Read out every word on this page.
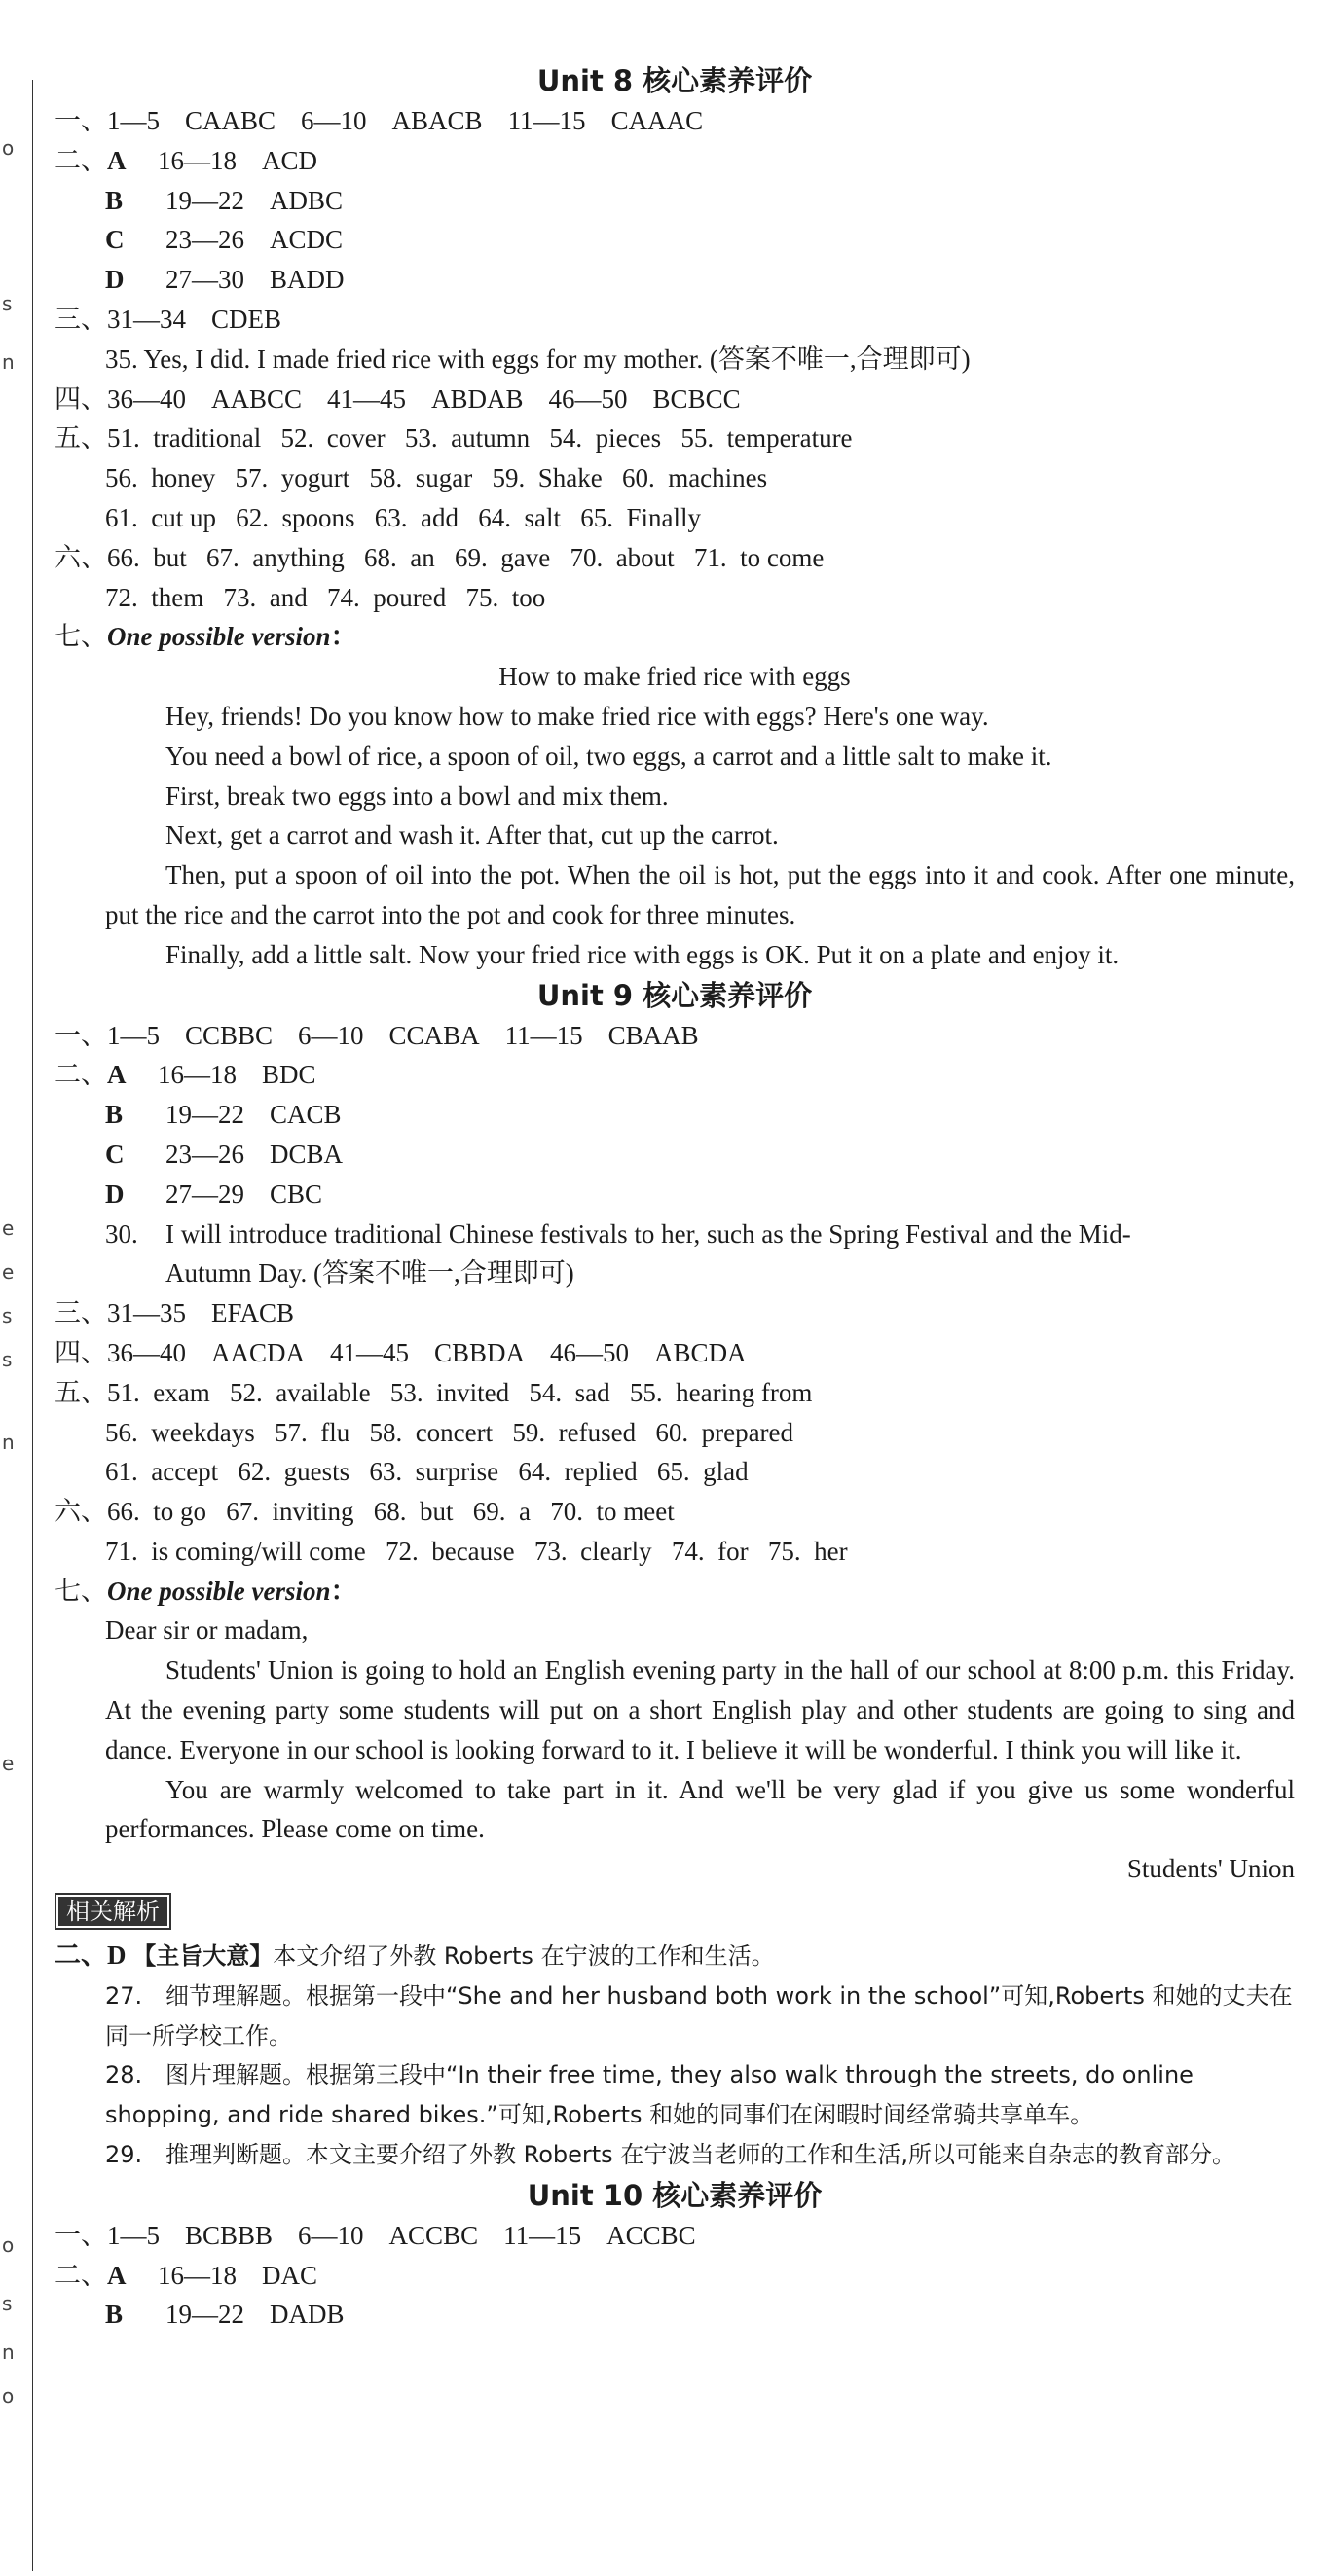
o
s
n
e
e
s
s
n
e
o
s
n
o
Unit 8 核心素养评价
一、1—5 CAABC 6—10 ABACB 11—15 CAAAC
二、A 16—18 ACD
B 19—22 ADBC
C 23—26 ACDC
D 27—30 BADD
三、31—34 CDEB
35. Yes, I did. I made fried rice with eggs for my mother. (答案不唯一,合理即可)
四、36—40 AABCC 41—45 ABDAB 46—50 BCBCC
五、51.  traditional   52.  cover   53.  autumn   54.  pieces   55.  temperature
56.  honey   57.  yogurt   58.  sugar   59.  Shake   60.  machines
61.  cut up   62.  spoons   63.  add   64.  salt   65.  Finally
六、66.  but   67.  anything   68.  an   69.  gave   70.  about   71.  to come
72.  them   73.  and   74.  poured   75.  too
七、One possible version：
How to make fried rice with eggs
Hey, friends! Do you know how to make fried rice with eggs? Here's one way.
You need a bowl of rice, a spoon of oil, two eggs, a carrot and a little salt to make it.
First, break two eggs into a bowl and mix them.
Next, get a carrot and wash it. After that, cut up the carrot.
Then, put a spoon of oil into the pot. When the oil is hot, put the eggs into it and cook. After one minute, put the rice and the carrot into the pot and cook for three minutes.
Finally, add a little salt. Now your fried rice with eggs is OK. Put it on a plate and enjoy it.
Unit 9 核心素养评价
一、1—5 CCBBC 6—10 CCABA 11—15 CBAAB
二、A 16—18 BDC
B 19—22 CACB
C 23—26 DCBA
D 27—29 CBC
30. I will introduce traditional Chinese festivals to her, such as the Spring Festival and the Mid-
Autumn Day. (答案不唯一,合理即可)
三、31—35 EFACB
四、36—40 AACDA 41—45 CBBDA 46—50 ABCDA
五、51.  exam   52.  available   53.  invited   54.  sad   55.  hearing from
56.  weekdays   57.  flu   58.  concert   59.  refused   60.  prepared
61.  accept   62.  guests   63.  surprise   64.  replied   65.  glad
六、66.  to go   67.  inviting   68.  but   69.  a   70.  to meet
71.  is coming/will come   72.  because   73.  clearly   74.  for   75.  her
七、One possible version：
Dear sir or madam,
Students' Union is going to hold an English evening party in the hall of our school at 8:00 p.m. this Friday. At the evening party some students will put on a short English play and other students are going to sing and dance. Everyone in our school is looking forward to it. I believe it will be wonderful. I think you will like it.
You are warmly welcomed to take part in it. And we'll be very glad if you give us some wonderful performances. Please come on time.
Students' Union
相关解析
二、D 【主旨大意】本文介绍了外教 Roberts 在宁波的工作和生活。
27. 细节理解题。根据第一段中“She and her husband both work in the school”可知,Roberts 和她的丈夫在同一所学校工作。
28. 图片理解题。根据第三段中“In their free time, they also walk through the streets, do online shopping, and ride shared bikes.”可知,Roberts 和她的同事们在闲暇时间经常骑共享单车。
29. 推理判断题。本文主要介绍了外教 Roberts 在宁波当老师的工作和生活,所以可能来自杂志的教育部分。
Unit 10 核心素养评价
一、1—5 BCBBB 6—10 ACCBC 11—15 ACCBC
二、A 16—18 DAC
B 19—22 DADB
